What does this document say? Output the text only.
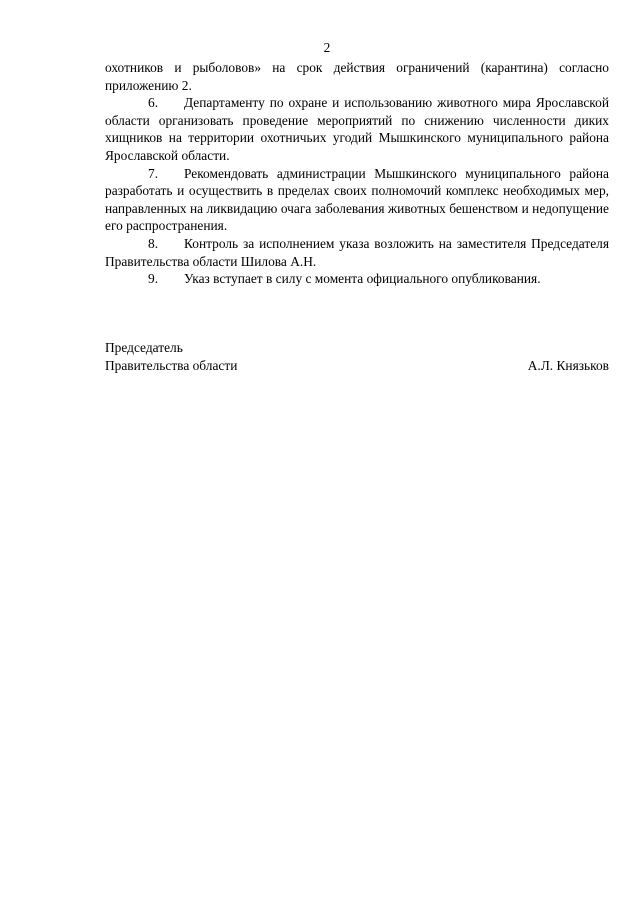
2

охотников и рыболовов» на срок действия ограничений (карантина) согласно приложению 2.

6. Департаменту по охране и использованию животного мира Ярославской области организовать проведение мероприятий по снижению численности диких хищников на территории охотничьих угодий Мышкинского муниципального района Ярославской области.

7. Рекомендовать администрации Мышкинского муниципального района разработать и осуществить в пределах своих полномочий комплекс необходимых мер, направленных на ликвидацию очага заболевания животных бешенством и недопущение его распространения.

8. Контроль за исполнением указа возложить на заместителя Председателя Правительства области Шилова А.Н.

9. Указ вступает в силу с момента официального опубликования.

Председатель
Правительства области	А.Л. Князьков
